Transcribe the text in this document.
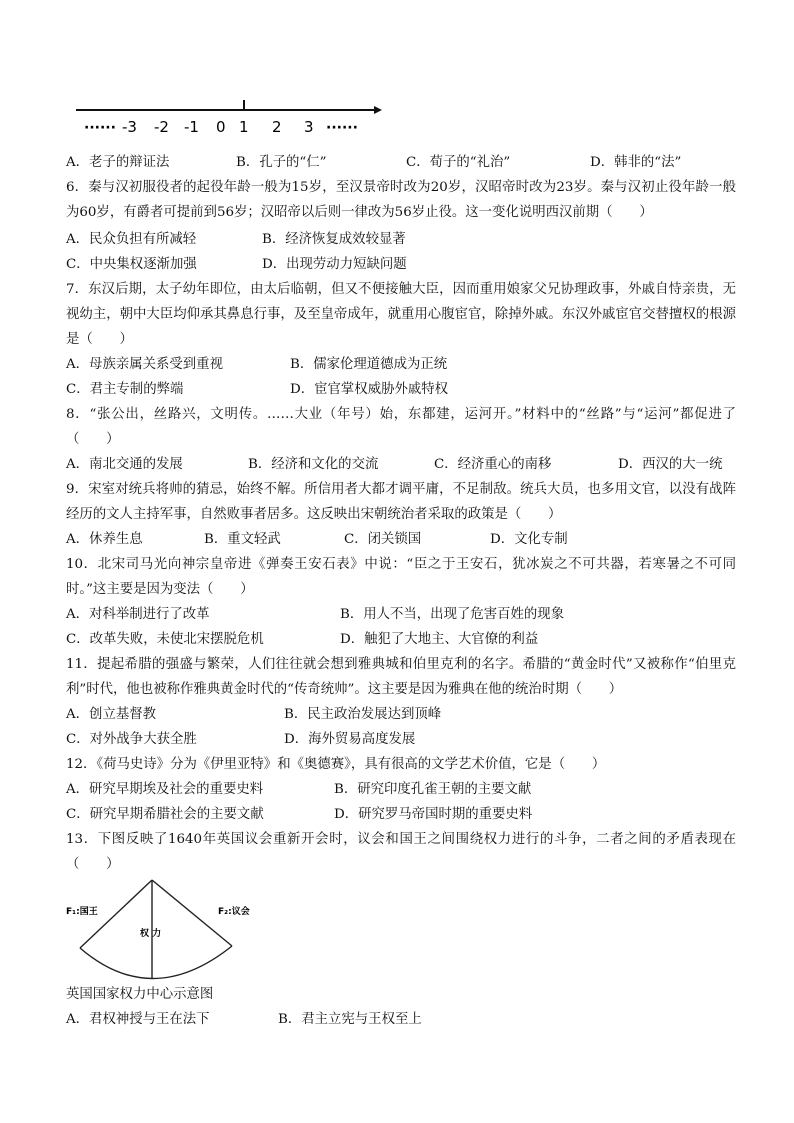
······ -3 -2 -1 0 1 2 3 ······
A．老子的辩证法	B．孔子的“仁”	C．荀子的“礼治”	D．韩非的“法”
6．秦与汉初服役者的起役年龄一般为15岁，至汉景帝时改为20岁，汉昭帝时改为23岁。秦与汉初止役年龄一般为60岁，有爵者可提前到56岁；汉昭帝以后则一律改为56岁止役。这一变化说明西汉前期（　　）
A．民众负担有所减轻	B．经济恢复成效较显著
C．中央集权逐渐加强	D．出现劳动力短缺问题
7．东汉后期，太子幼年即位，由太后临朝，但又不便接触大臣，因而重用娘家父兄协理政事，外戚自恃亲贵，无视幼主，朝中大臣均仰承其鼻息行事，及至皇帝成年，就重用心腹宦官，除掉外戚。东汉外戚宦官交替擅权的根源是（　　）
A．母族亲属关系受到重视	B．儒家伦理道德成为正统
C．君主专制的弊端	D．宦官掌权威胁外戚特权
8．“张公出，丝路兴，文明传。……大业（年号）始，东都建，运河开。”材料中的“丝路”与“运河”都促进了（　　）
A．南北交通的发展	B．经济和文化的交流	C．经济重心的南移	D．西汉的大一统
9．宋室对统兵将帅的猜忌，始终不解。所信用者大都才调平庸，不足制敌。统兵大员，也多用文官，以没有战阵经历的文人主持军事，自然败事者居多。这反映出宋朝统治者采取的政策是（　　）
A．休养生息	B．重文轻武	C．闭关锁国	D．文化专制
10．北宋司马光向神宗皇帝进《弹奏王安石表》中说：“臣之于王安石，犹冰炭之不可共器，若寒暑之不可同时。”这主要是因为变法（　　）
A．对科举制进行了改革	B．用人不当，出现了危害百姓的现象
C．改革失败，未使北宋摆脱危机	D．触犯了大地主、大官僚的利益
11．提起希腊的强盛与繁荣，人们往往就会想到雅典城和伯里克利的名字。希腊的“黄金时代”又被称作“伯里克利”时代，他也被称作雅典黄金时代的“传奇统帅”。这主要是因为雅典在他的统治时期（　　）
A．创立基督教	B．民主政治发展达到顶峰
C．对外战争大获全胜	D．海外贸易高度发展
12．《荷马史诗》分为《伊里亚特》和《奥德赛》，具有很高的文学艺术价值，它是（　　）
A．研究早期埃及社会的重要史料	B．研究印度孔雀王朝的主要文献
C．研究早期希腊社会的主要文献	D．研究罗马帝国时期的重要史料
13．下图反映了1640年英国议会重新开会时，议会和国王之间围绕权力进行的斗争，二者之间的矛盾表现在（　　）
F₁:国王
权 力
F₂:议会
英国国家权力中心示意图
A．君权神授与王在法下	B．君主立宪与王权至上
